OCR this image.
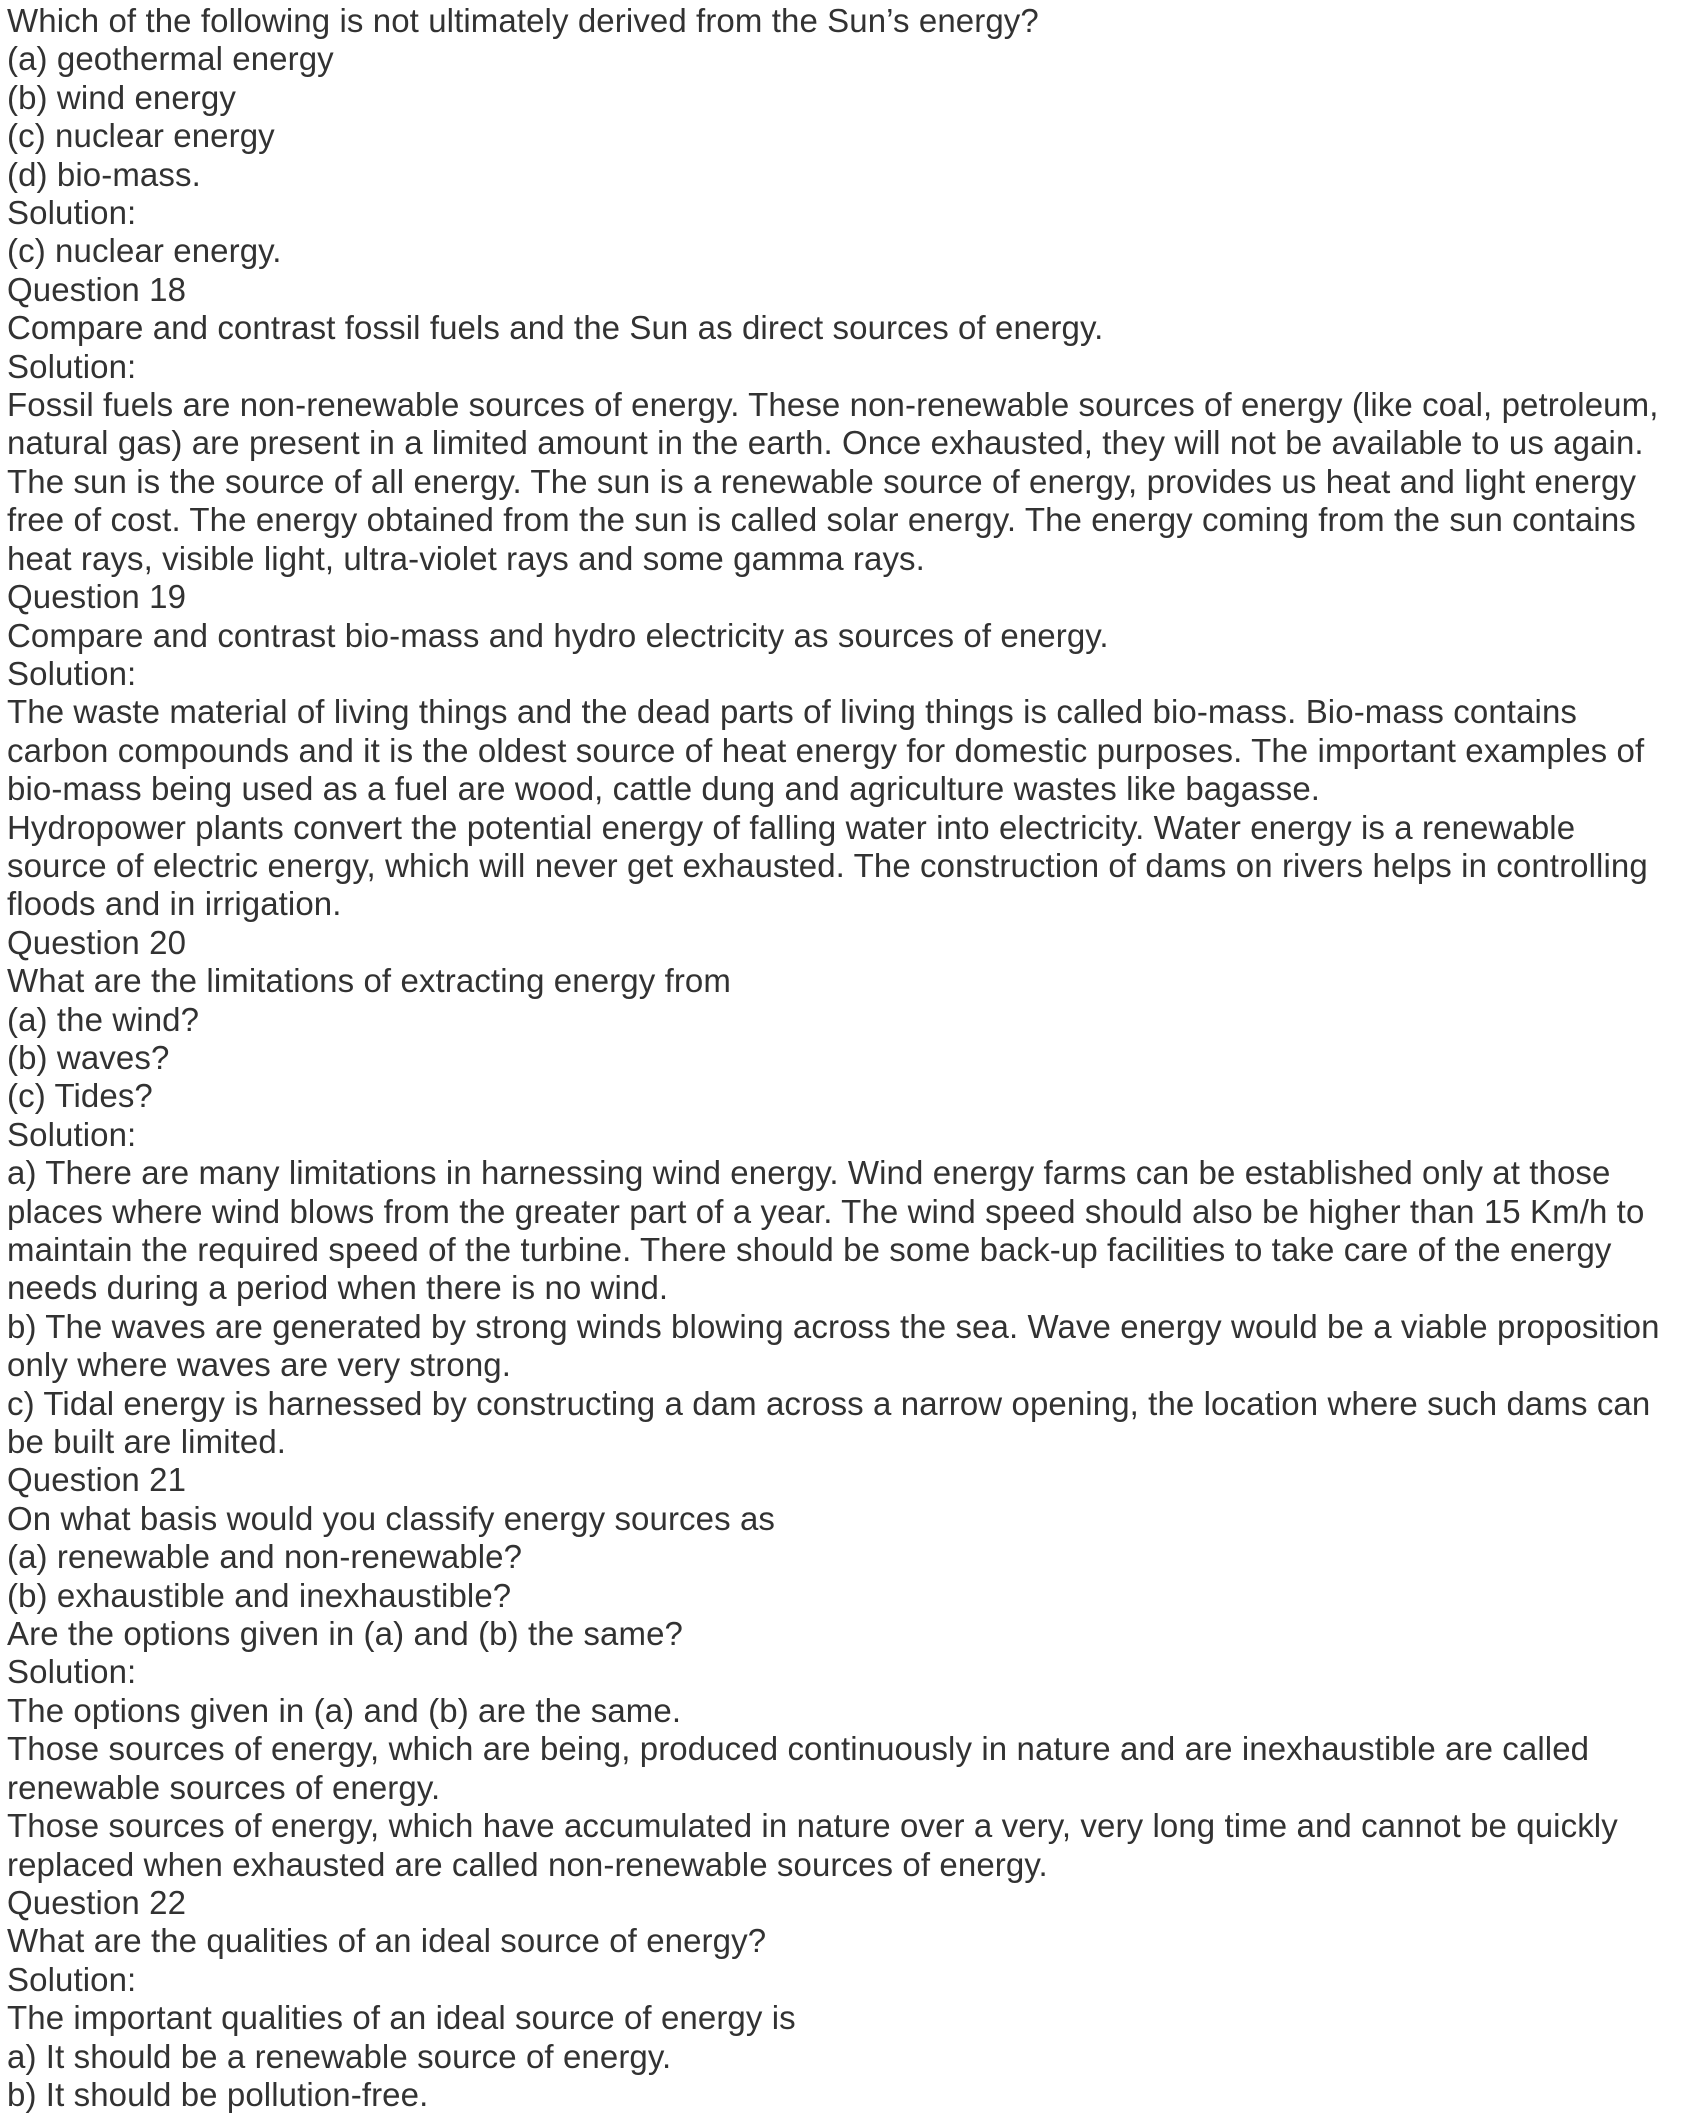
Which of the following is not ultimately derived from the Sun’s energy?
(a) geothermal energy
(b) wind energy
(c) nuclear energy
(d) bio-mass.
Solution:
(c) nuclear energy.
Question 18
Compare and contrast fossil fuels and the Sun as direct sources of energy.
Solution:
Fossil fuels are non-renewable sources of energy. These non-renewable sources of energy (like coal, petroleum,
natural gas) are present in a limited amount in the earth. Once exhausted, they will not be available to us again.
The sun is the source of all energy. The sun is a renewable source of energy, provides us heat and light energy
free of cost. The energy obtained from the sun is called solar energy. The energy coming from the sun contains
heat rays, visible light, ultra-violet rays and some gamma rays.
Question 19
Compare and contrast bio-mass and hydro electricity as sources of energy.
Solution:
The waste material of living things and the dead parts of living things is called bio-mass. Bio-mass contains
carbon compounds and it is the oldest source of heat energy for domestic purposes. The important examples of
bio-mass being used as a fuel are wood, cattle dung and agriculture wastes like bagasse.
Hydropower plants convert the potential energy of falling water into electricity. Water energy is a renewable
source of electric energy, which will never get exhausted. The construction of dams on rivers helps in controlling
floods and in irrigation.
Question 20
What are the limitations of extracting energy from
(a) the wind?
(b) waves?
(c) Tides?
Solution:
a) There are many limitations in harnessing wind energy. Wind energy farms can be established only at those
places where wind blows from the greater part of a year. The wind speed should also be higher than 15 Km/h to
maintain the required speed of the turbine. There should be some back-up facilities to take care of the energy
needs during a period when there is no wind.
b) The waves are generated by strong winds blowing across the sea. Wave energy would be a viable proposition
only where waves are very strong.
c) Tidal energy is harnessed by constructing a dam across a narrow opening, the location where such dams can
be built are limited.
Question 21
On what basis would you classify energy sources as
(a) renewable and non-renewable?
(b) exhaustible and inexhaustible?
Are the options given in (a) and (b) the same?
Solution:
The options given in (a) and (b) are the same.
Those sources of energy, which are being, produced continuously in nature and are inexhaustible are called
renewable sources of energy.
Those sources of energy, which have accumulated in nature over a very, very long time and cannot be quickly
replaced when exhausted are called non-renewable sources of energy.
Question 22
What are the qualities of an ideal source of energy?
Solution:
The important qualities of an ideal source of energy is
a) It should be a renewable source of energy.
b) It should be pollution-free.
